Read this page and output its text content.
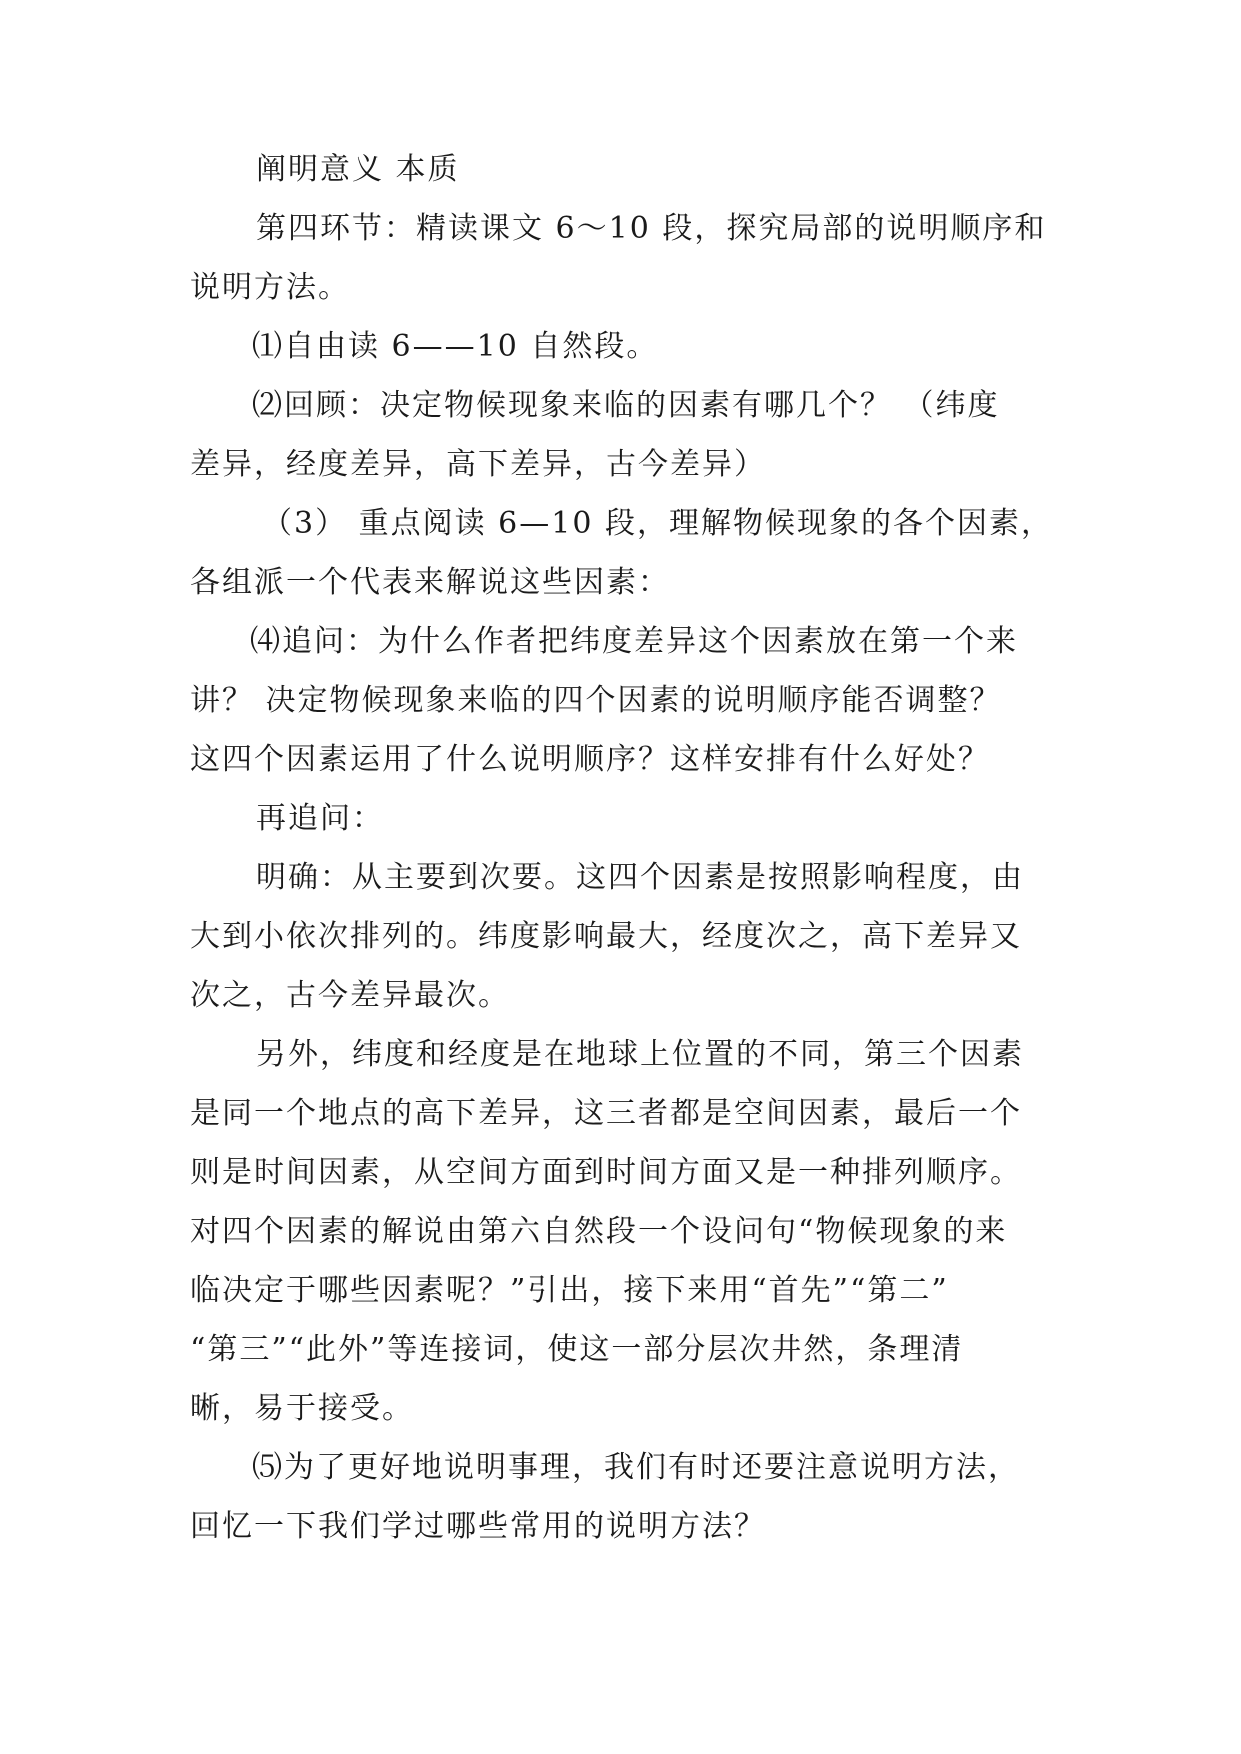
阐明意义 本质
第四环节：精读课文 6～10 段，探究局部的说明顺序和
说明方法。
⑴自由读 6——10 自然段。
⑵回顾：决定物候现象来临的因素有哪几个？ （纬度
差异，经度差异，高下差异，古今差异）
（3） 重点阅读 6—10 段，理解物候现象的各个因素，
各组派一个代表来解说这些因素：
⑷追问：为什么作者把纬度差异这个因素放在第一个来
讲？ 决定物候现象来临的四个因素的说明顺序能否调整？
这四个因素运用了什么说明顺序？这样安排有什么好处？
再追问：
明确：从主要到次要。这四个因素是按照影响程度，由
大到小依次排列的。纬度影响最大，经度次之，高下差异又
次之，古今差异最次。
另外，纬度和经度是在地球上位置的不同，第三个因素
是同一个地点的高下差异，这三者都是空间因素，最后一个
则是时间因素，从空间方面到时间方面又是一种排列顺序。
对四个因素的解说由第六自然段一个设问句“物候现象的来
临决定于哪些因素呢？”引出，接下来用“首先”“第二”
“第三”“此外”等连接词，使这一部分层次井然，条理清
晰，易于接受。
⑸为了更好地说明事理，我们有时还要注意说明方法，
回忆一下我们学过哪些常用的说明方法？
